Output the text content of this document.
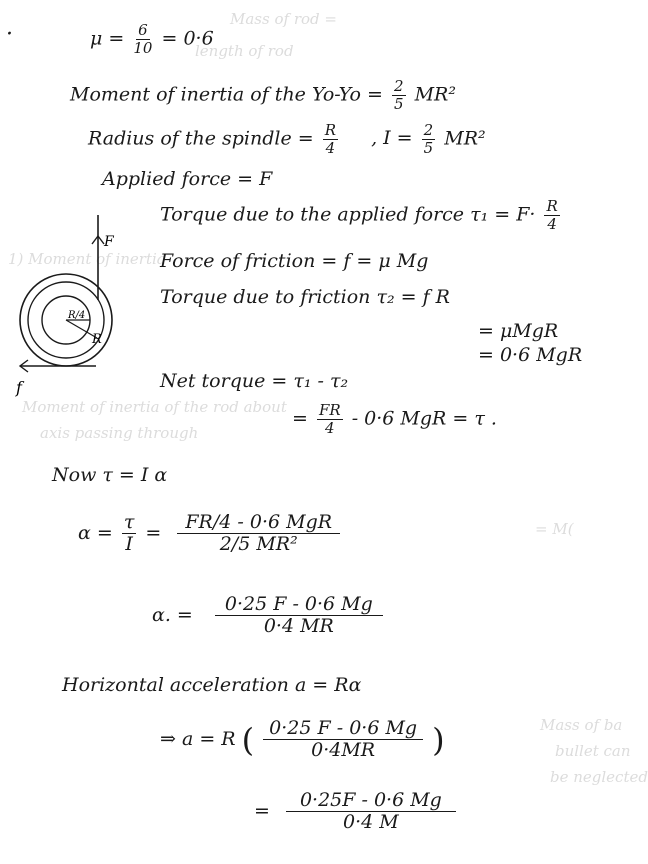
Mass of rod =
length of rod
1) Moment of inertia
Moment of inertia of the rod about
axis passing through
= M(
Mass of ba
bullet can
be neglected
·	$\mu = \frac{6}{10} = 0\cdot 6$
Moment of inertia of the $Yo-Yo = \frac{2}{5} MR^2$
Radius of the spindle = $\frac{R}{4}$ , $I = \frac{2}{5} MR^2$
Applied force = F
F
R/4
R
f
Torque due to the applied force $\tau_1 = F\cdot \frac{R}{4}$
Force of friction = f = μ Mg
Torque due to friction τ₂ = f R
= μMgR
= 0·6 MgR
Net torque = τ₁ - τ₂
= $\frac{FR}{4} - 0\cdot 6$ MgR = τ .
Now τ = I α
$\alpha = \frac{\tau}{I} = \frac{\text{FR/4 - 0·6 MgR}}{\text{2/5 MR²}}$
α. = $\frac{0\cdot 25 F - 0\cdot 6 Mg}{0\cdot 4 MR}$
Horizontal acceleration a = Rα
⇒ a = R ( $\frac{0\cdot 25 F - 0\cdot 6 Mg}{0\cdot 4MR}$ )
= $\frac{0\cdot 25F - 0\cdot 6 Mg}{0\cdot 4 M}$
